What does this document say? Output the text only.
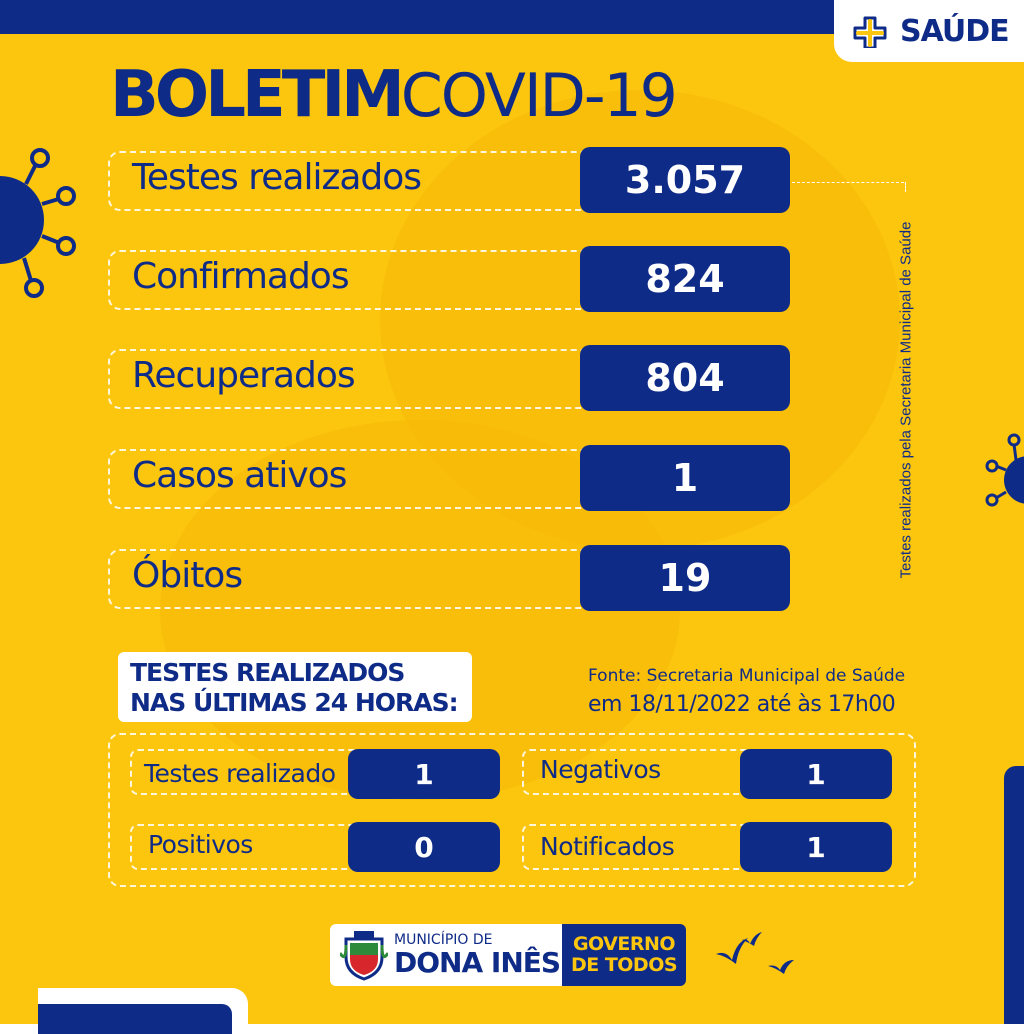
SAÚDE
BOLETIMCOVID-19
Testes realizados	3.057
Confirmados	824
Recuperados	804
Casos ativos	1
Óbitos	19	Testes realizados pela Secretaria Municipal de Saúde
TESTES REALIZADOS
NAS ÚLTIMAS 24 HORAS:
Fonte: Secretaria Municipal de Saúde
em 18/11/2022 até às 17h00
Testes realizado	1	Negativos	1
Positivos	0	Notificados	1
MUNICÍPIO DE
DONA INÊS
GOVERNO
DE TODOS
